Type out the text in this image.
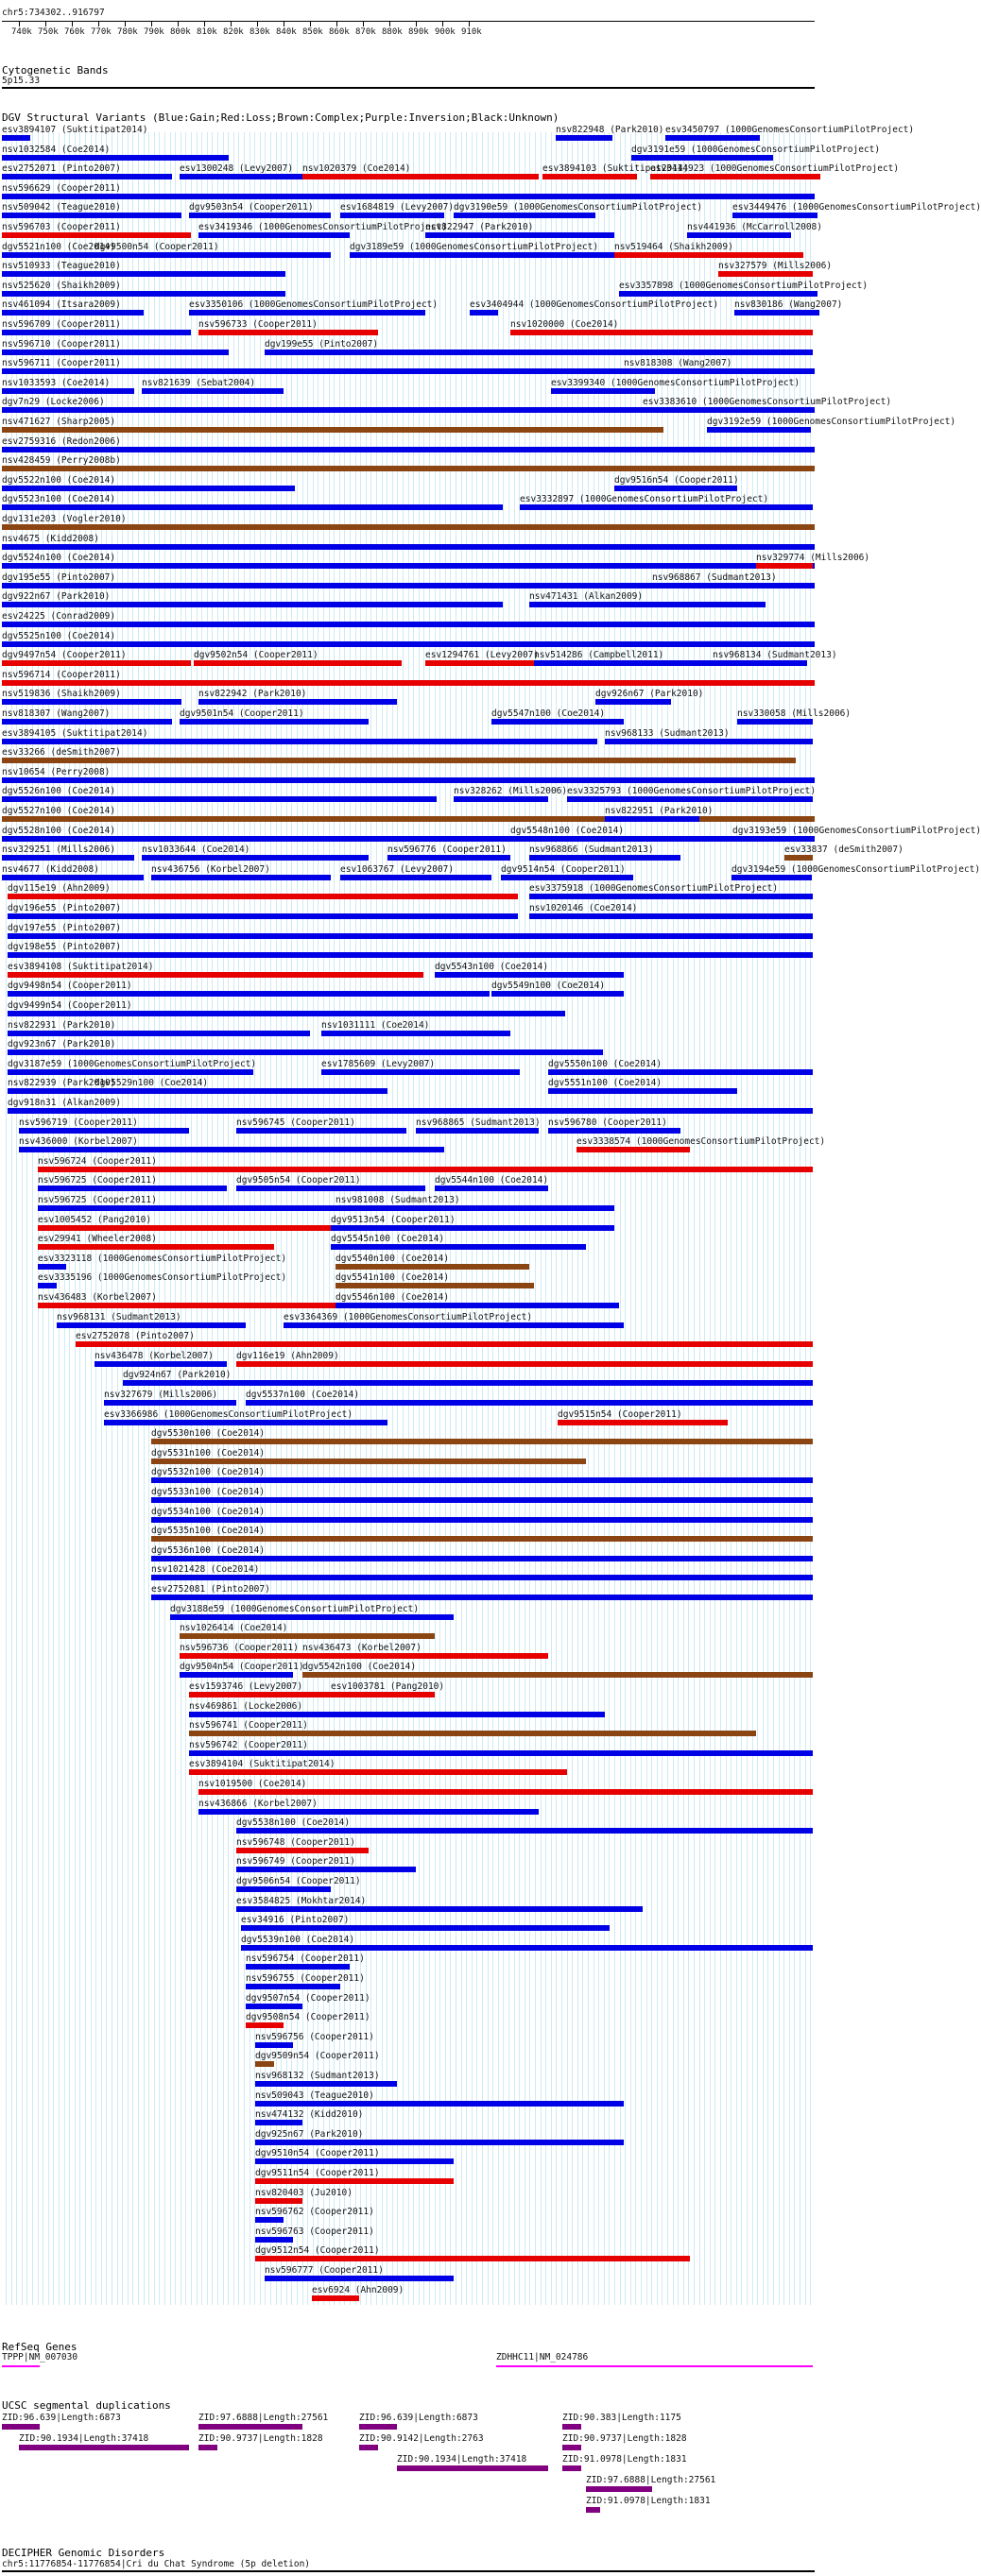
chr5:734302..916797
740k 750k 760k 770k 780k 790k 800k 810k 820k 830k 840k 850k 860k 870k 880k 890k 900k 910k
Cytogenetic Bands
5p15.33
DGV Structural Variants (Blue:Gain;Red:Loss;Brown:Complex;Purple:Inversion;Black:Unknown)
esv3894107 (Suktitipat2014)	nsv822948 (Park2010) esv3450797 (1000GenomesConsortiumPilotProject)
nsv1032584 (Coe2014)	dgv3191e59 (1000GenomesConsortiumPilotProject)
esv2752071 (Pinto2007)	esv1300248 (Levy2007) nsv1020379 (Coe2014)	esv3894103 (Suktitipat2014)
esv3414923 (1000GenomesConsortiumPilotProject)
nsv596629 (Cooper2011)
nsv509042 (Teague2010)	dgv9503n54 (Cooper2011)	esv1684819 (Levy2007) dgv3190e59 (1000GenomesConsortiumPilotProject)	esv3449476 (1000GenomesConsortiumPilotProject)
nsv596703 (Cooper2011)	esv3419346 (1000GenomesConsortiumPilotProject)
nsv822947 (Park2010)	nsv441936 (McCarroll2008)
dgv5521n100 (Coe2014)
dgv9500n54 (Cooper2011)	dgv3189e59 (1000GenomesConsortiumPilotProject) nsv519464 (Shaikh2009)
nsv510933 (Teague2010)	nsv327579 (Mills2006)
nsv525620 (Shaikh2009)	esv3357898 (1000GenomesConsortiumPilotProject)
nsv461094 (Itsara2009)	esv3350106 (1000GenomesConsortiumPilotProject)	esv3404944 (1000GenomesConsortiumPilotProject) nsv830186 (Wang2007)
nsv596709 (Cooper2011)	nsv596733 (Cooper2011)	nsv1020000 (Coe2014)
nsv596710 (Cooper2011)	dgv199e55 (Pinto2007)
nsv596711 (Cooper2011)	nsv818308 (Wang2007)
nsv1033593 (Coe2014)	nsv821639 (Sebat2004)	esv3399340 (1000GenomesConsortiumPilotProject)
dgv7n29 (Locke2006)	esv3383610 (1000GenomesConsortiumPilotProject)
nsv471627 (Sharp2005)	dgv3192e59 (1000GenomesConsortiumPilotProject)
esv2759316 (Redon2006)
nsv428459 (Perry2008b)
dgv5522n100 (Coe2014)	dgv9516n54 (Cooper2011)
dgv5523n100 (Coe2014)	esv3332897 (1000GenomesConsortiumPilotProject)
dgv131e203 (Vogler2010)
nsv4675 (Kidd2008)
dgv5524n100 (Coe2014)	nsv329774 (Mills2006)
dgv195e55 (Pinto2007)	nsv968867 (Sudmant2013)
dgv922n67 (Park2010)	nsv471431 (Alkan2009)
esv24225 (Conrad2009)
dgv5525n100 (Coe2014)
dgv9497n54 (Cooper2011)	dgv9502n54 (Cooper2011)	esv1294761 (Levy2007)
nsv514286 (Campbell2011)	nsv968134 (Sudmant2013)
nsv596714 (Cooper2011)
nsv519836 (Shaikh2009)	nsv822942 (Park2010)	dgv926n67 (Park2010)
nsv818307 (Wang2007)	dgv9501n54 (Cooper2011)	dgv5547n100 (Coe2014)	nsv330058 (Mills2006)
esv3894105 (Suktitipat2014)	nsv968133 (Sudmant2013)
esv33266 (deSmith2007)
nsv10654 (Perry2008)
dgv5526n100 (Coe2014)	nsv328262 (Mills2006) esv3325793 (1000GenomesConsortiumPilotProject)
dgv5527n100 (Coe2014)	nsv822951 (Park2010)
dgv5528n100 (Coe2014)	dgv5548n100 (Coe2014)	dgv3193e59 (1000GenomesConsortiumPilotProject)
nsv329251 (Mills2006)	nsv1033644 (Coe2014)	nsv596776 (Cooper2011)	nsv968866 (Sudmant2013)	esv33837 (deSmith2007)
nsv4677 (Kidd2008)	nsv436756 (Korbel2007)	esv1063767 (Levy2007)	dgv9514n54 (Cooper2011)	dgv3194e59 (1000GenomesConsortiumPilotProject)
dgv115e19 (Ahn2009)	esv3375918 (1000GenomesConsortiumPilotProject)
dgv196e55 (Pinto2007)	nsv1020146 (Coe2014)
dgv197e55 (Pinto2007)
dgv198e55 (Pinto2007)
esv3894108 (Suktitipat2014)	dgv5543n100 (Coe2014)
dgv9498n54 (Cooper2011)	dgv5549n100 (Coe2014)
dgv9499n54 (Cooper2011)
nsv822931 (Park2010)	nsv1031111 (Coe2014)
dgv923n67 (Park2010)
dgv3187e59 (1000GenomesConsortiumPilotProject)	esv1785609 (Levy2007)	dgv5550n100 (Coe2014)
nsv822939 (Park2010)
dgv5529n100 (Coe2014)	dgv5551n100 (Coe2014)
dgv918n31 (Alkan2009)
nsv596719 (Cooper2011)	nsv596745 (Cooper2011)	nsv968865 (Sudmant2013) nsv596780 (Cooper2011)
nsv436000 (Korbel2007)	esv3338574 (1000GenomesConsortiumPilotProject)
nsv596724 (Cooper2011)
nsv596725 (Cooper2011)	dgv9505n54 (Cooper2011)	dgv5544n100 (Coe2014)
nsv596725 (Cooper2011)	nsv981008 (Sudmant2013)
esv1005452 (Pang2010)	dgv9513n54 (Cooper2011)
esv29941 (Wheeler2008)	dgv5545n100 (Coe2014)
esv3323118 (1000GenomesConsortiumPilotProject)	dgv5540n100 (Coe2014)
esv3335196 (1000GenomesConsortiumPilotProject)	dgv5541n100 (Coe2014)
nsv436483 (Korbel2007)	dgv5546n100 (Coe2014)
nsv968131 (Sudmant2013)	esv3364369 (1000GenomesConsortiumPilotProject)
esv2752078 (Pinto2007)
nsv436478 (Korbel2007)	dgv116e19 (Ahn2009)
dgv924n67 (Park2010)
nsv327679 (Mills2006)	dgv5537n100 (Coe2014)
esv3366986 (1000GenomesConsortiumPilotProject)	dgv9515n54 (Cooper2011)
dgv5530n100 (Coe2014)
dgv5531n100 (Coe2014)
dgv5532n100 (Coe2014)
dgv5533n100 (Coe2014)
dgv5534n100 (Coe2014)
dgv5535n100 (Coe2014)
dgv5536n100 (Coe2014)
nsv1021428 (Coe2014)
esv2752081 (Pinto2007)
dgv3188e59 (1000GenomesConsortiumPilotProject)
nsv1026414 (Coe2014)
nsv596736 (Cooper2011) nsv436473 (Korbel2007)
dgv9504n54 (Cooper2011)
dgv5542n100 (Coe2014)
esv1593746 (Levy2007)	esv1003781 (Pang2010)
nsv469861 (Locke2006)
nsv596741 (Cooper2011)
nsv596742 (Cooper2011)
esv3894104 (Suktitipat2014)
nsv1019500 (Coe2014)
nsv436866 (Korbel2007)
dgv5538n100 (Coe2014)
nsv596748 (Cooper2011)
nsv596749 (Cooper2011)
dgv9506n54 (Cooper2011)
esv3584825 (Mokhtar2014)
esv34916 (Pinto2007)
dgv5539n100 (Coe2014)
nsv596754 (Cooper2011)
nsv596755 (Cooper2011)
dgv9507n54 (Cooper2011)
dgv9508n54 (Cooper2011)
nsv596756 (Cooper2011)
dgv9509n54 (Cooper2011)
nsv968132 (Sudmant2013)
nsv509043 (Teague2010)
nsv474132 (Kidd2010)
dgv925n67 (Park2010)
dgv9510n54 (Cooper2011)
dgv9511n54 (Cooper2011)
nsv820403 (Ju2010)
nsv596762 (Cooper2011)
nsv596763 (Cooper2011)
dgv9512n54 (Cooper2011)
nsv596777 (Cooper2011)
esv6924 (Ahn2009)
RefSeq Genes
TPPP|NM_007030	ZDHHC11|NM_024786
UCSC segmental duplications
ZID:96.639|Length:6873	ZID:97.6888|Length:27561	ZID:96.639|Length:6873	ZID:90.383|Length:1175
ZID:90.1934|Length:37418	ZID:90.9737|Length:1828	ZID:90.9142|Length:2763	ZID:90.9737|Length:1828
ZID:90.1934|Length:37418	ZID:91.0978|Length:1831
ZID:97.6888|Length:27561
ZID:91.0978|Length:1831
DECIPHER Genomic Disorders
chr5:11776854-11776854|Cri du Chat Syndrome (5p deletion)
